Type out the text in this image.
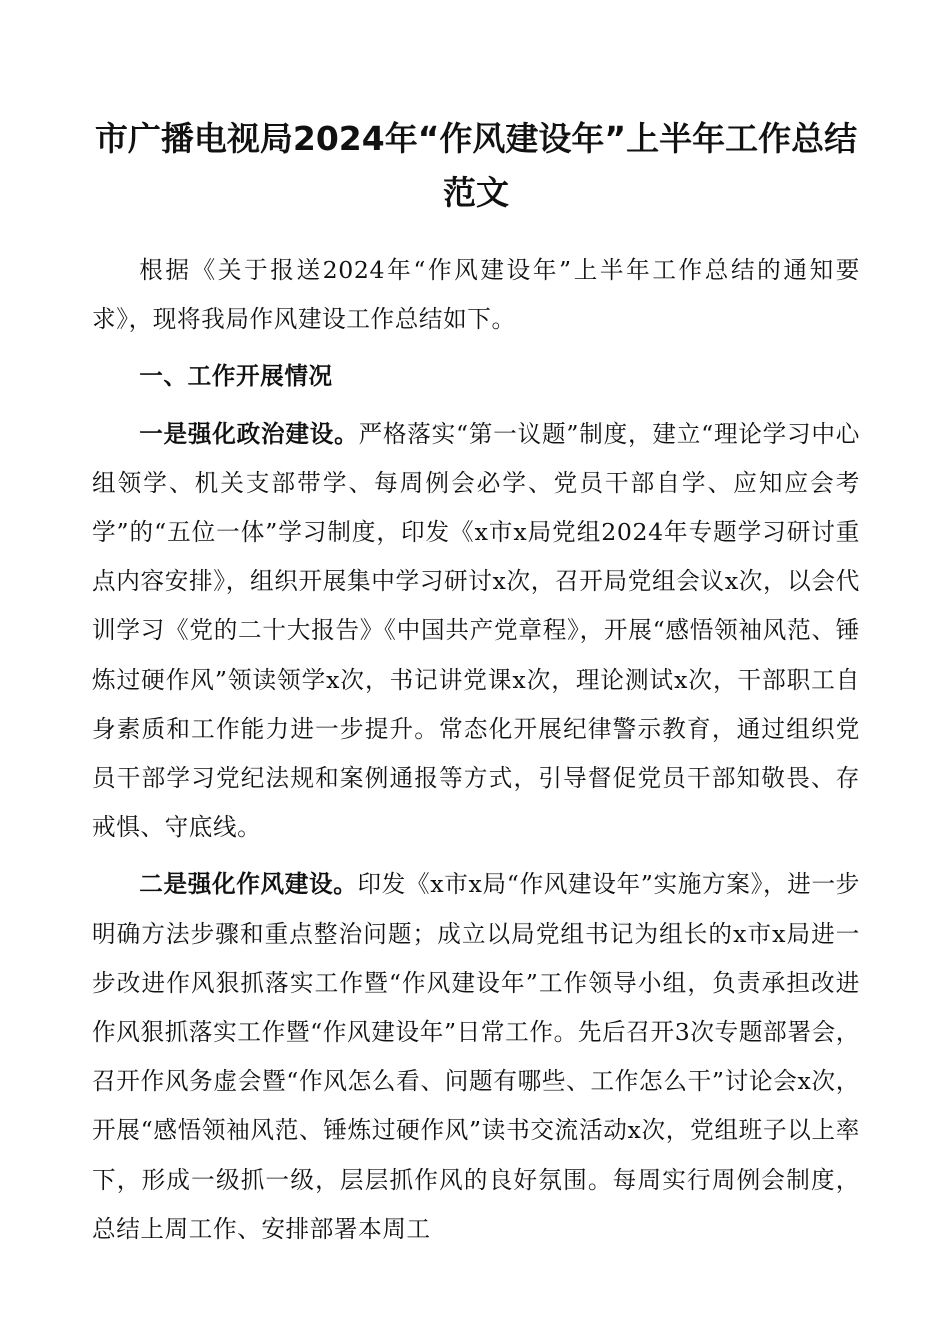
市广播电视局2024年“作风建设年”上半年工作总结范文

根据《关于报送2024年“作风建设年”上半年工作总结的通知要求》，现将我局作风建设工作总结如下。

一、工作开展情况

一是强化政治建设。严格落实“第一议题”制度，建立“理论学习中心组领学、机关支部带学、每周例会必学、党员干部自学、应知应会考学”的“五位一体”学习制度，印发《x市x局党组2024年专题学习研讨重点内容安排》，组织开展集中学习研讨x次，召开局党组会议x次，以会代训学习《党的二十大报告》《中国共产党章程》，开展“感悟领袖风范、锤炼过硬作风”领读领学x次，书记讲党课x次，理论测试x次，干部职工自身素质和工作能力进一步提升。常态化开展纪律警示教育，通过组织党员干部学习党纪法规和案例通报等方式，引导督促党员干部知敬畏、存戒惧、守底线。

二是强化作风建设。印发《x市x局“作风建设年”实施方案》，进一步明确方法步骤和重点整治问题；成立以局党组书记为组长的x市x局进一步改进作风狠抓落实工作暨“作风建设年”工作领导小组，负责承担改进作风狠抓落实工作暨“作风建设年”日常工作。先后召开3次专题部署会，召开作风务虚会暨“作风怎么看、问题有哪些、工作怎么干”讨论会x次，开展“感悟领袖风范、锤炼过硬作风”读书交流活动x次，党组班子以上率下，形成一级抓一级，层层抓作风的良好氛围。每周实行周例会制度，总结上周工作、安排部署本周工
